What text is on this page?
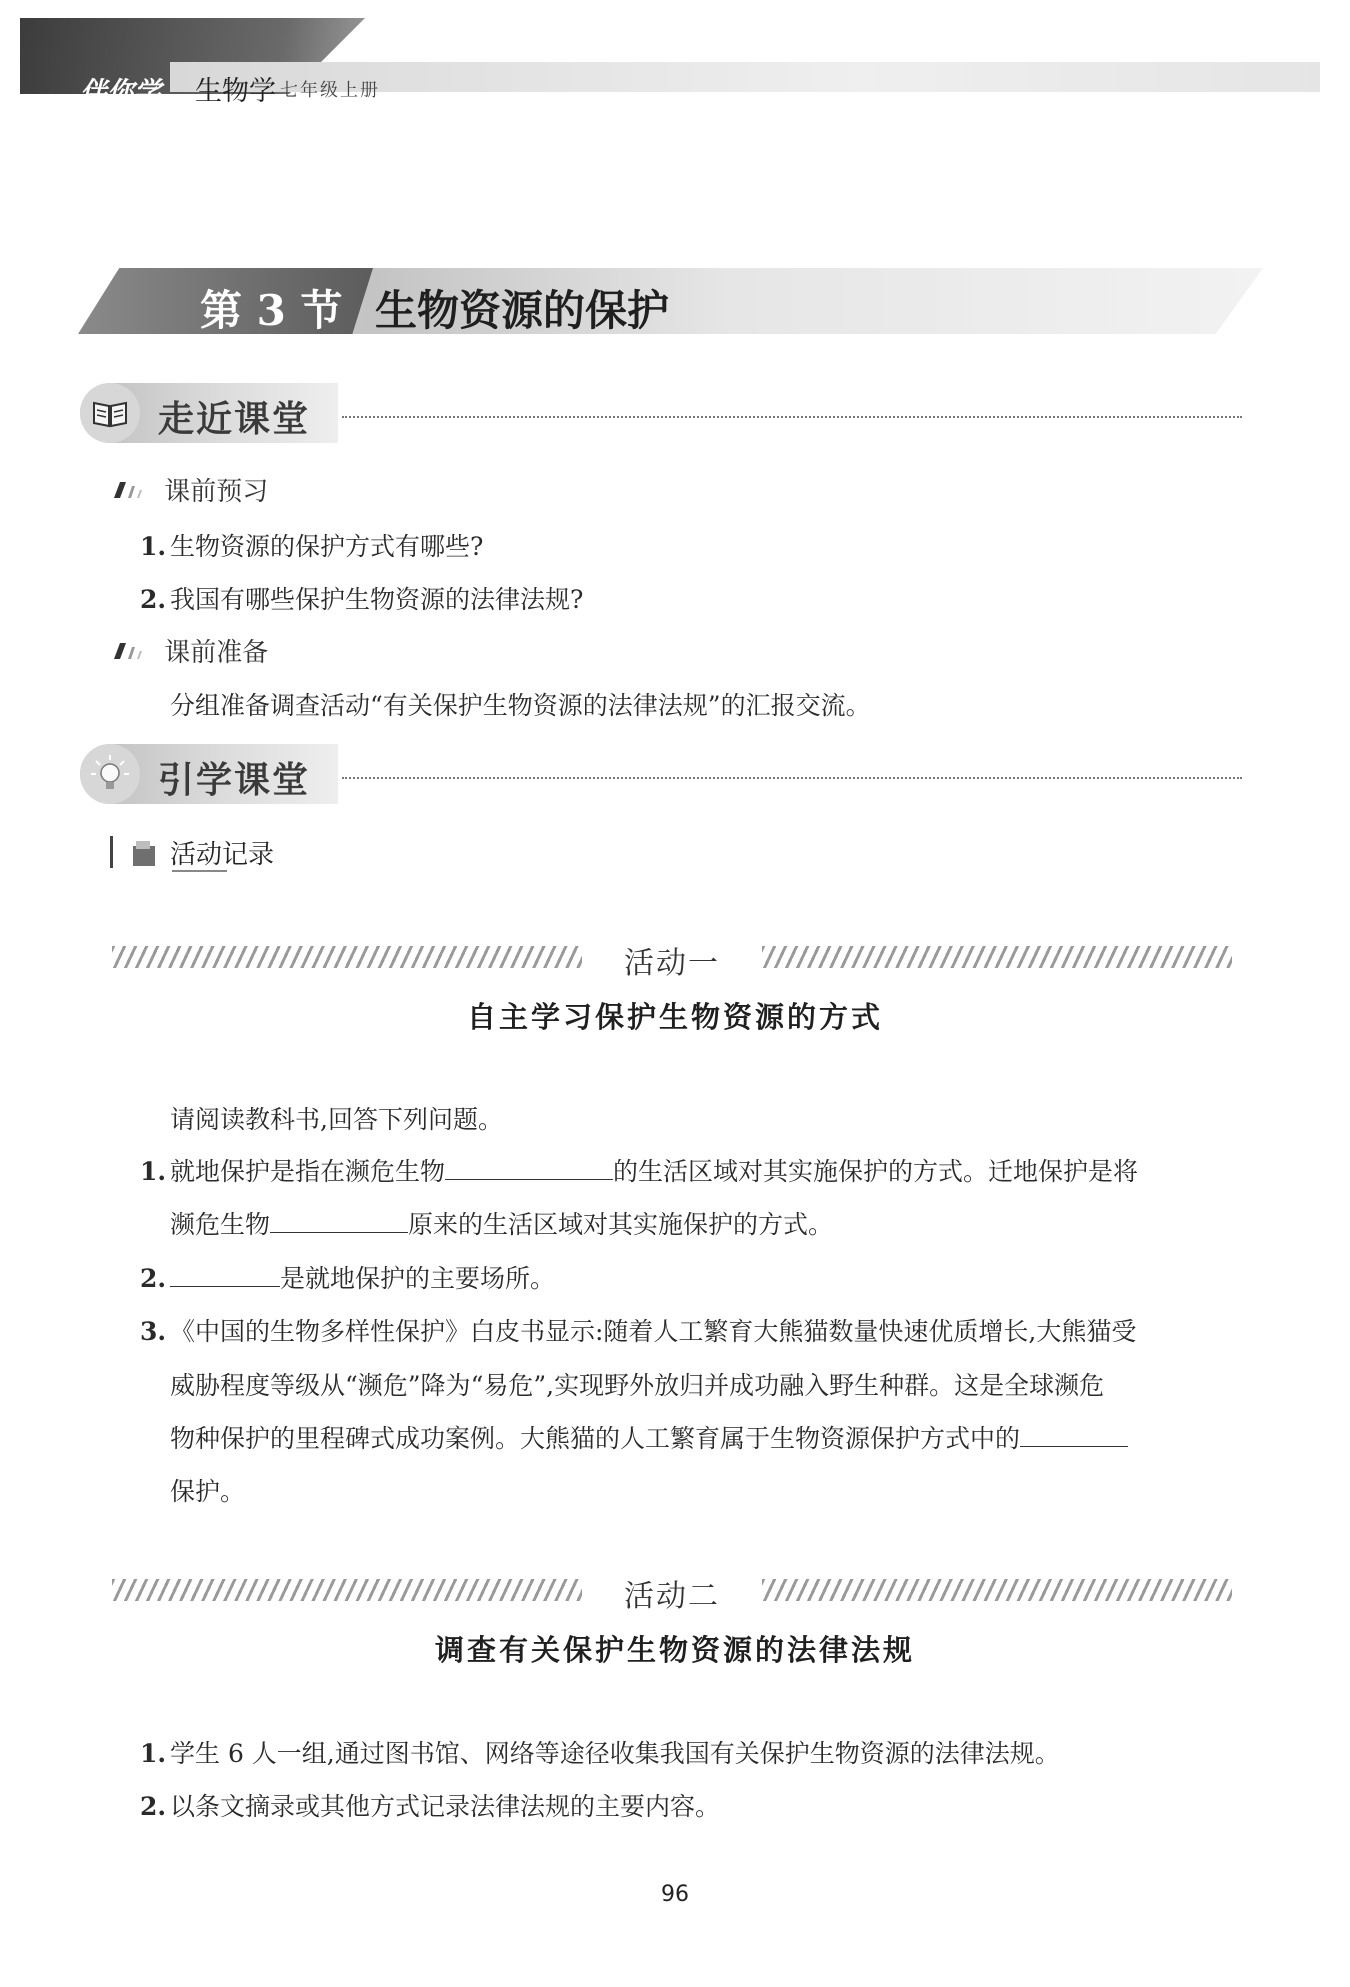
伴你学 生物学 七年级上册
第 3 节 生物资源的保护
走近课堂
课前预习
1. 生物资源的保护方式有哪些?
2. 我国有哪些保护生物资源的法律法规?
课前准备
分组准备调查活动“有关保护生物资源的法律法规”的汇报交流。
引学课堂
活动记录
活动一
自主学习保护生物资源的方式
请阅读教科书,回答下列问题。
1. 就地保护是指在濒危生物	的生活区域对其实施保护的方式。迁地保护是将
濒危生物	原来的生活区域对其实施保护的方式。
2.	是就地保护的主要场所。
3. 《中国的生物多样性保护》白皮书显示:随着人工繁育大熊猫数量快速优质增长,大熊猫受
威胁程度等级从“濒危”降为“易危”,实现野外放归并成功融入野生种群。这是全球濒危
物种保护的里程碑式成功案例。大熊猫的人工繁育属于生物资源保护方式中的
保护。
活动二
调查有关保护生物资源的法律法规
1. 学生 6 人一组,通过图书馆、网络等途径收集我国有关保护生物资源的法律法规。
2. 以条文摘录或其他方式记录法律法规的主要内容。
96
